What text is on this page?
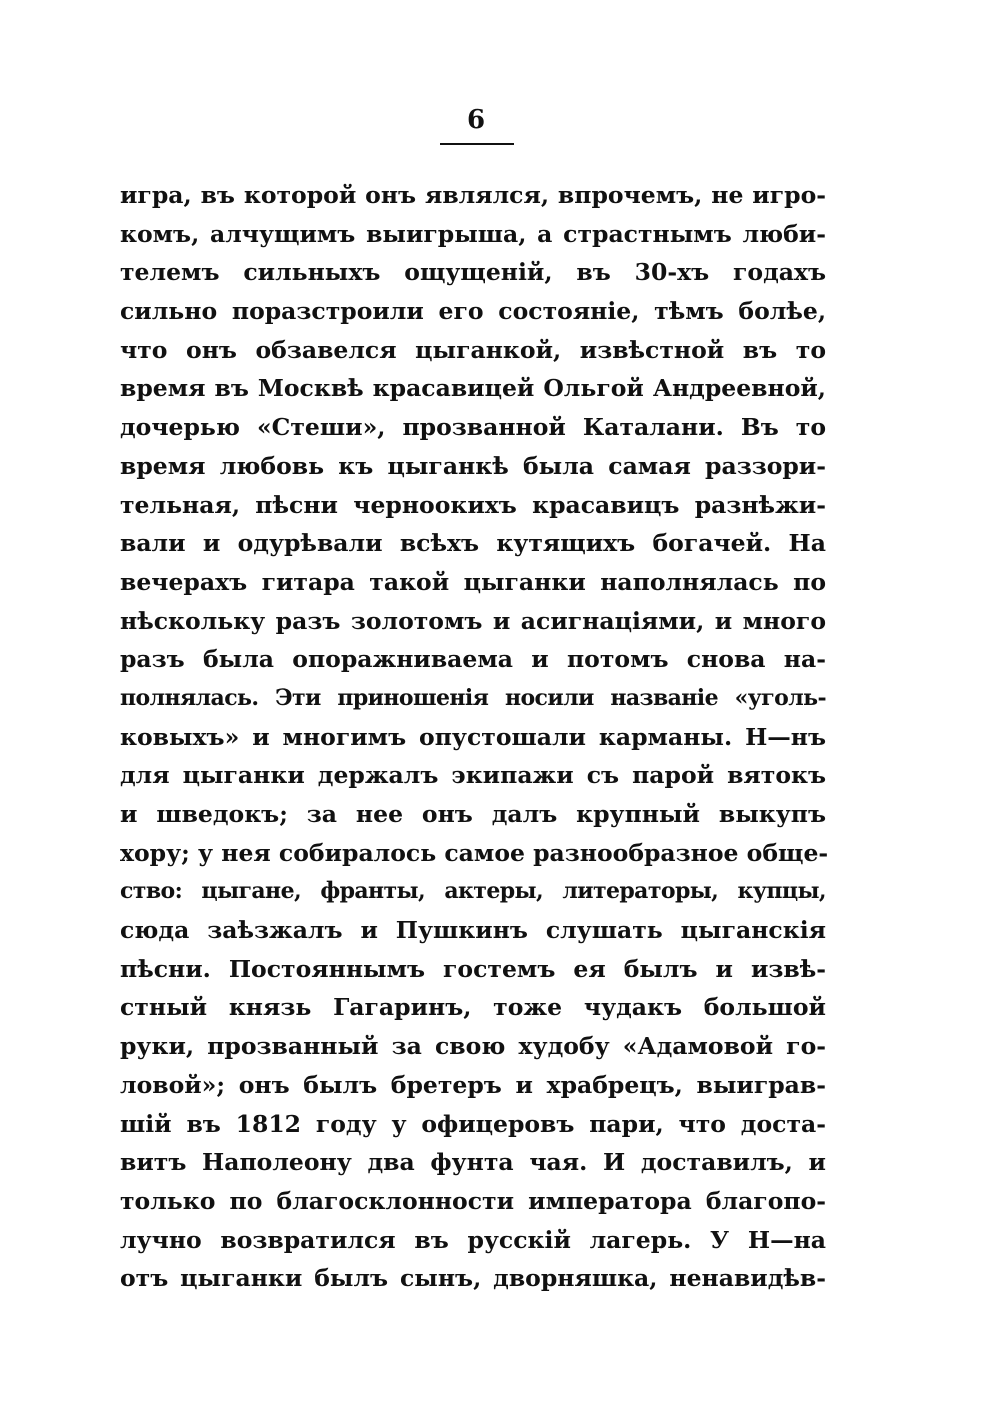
6
игра, въ которой онъ являлся, впрочемъ, не игро-
комъ, алчущимъ выигрыша, а страстнымъ люби-
телемъ сильныхъ ощущеній, въ 30-хъ годахъ
сильно поразстроили его состояніе, тѣмъ болѣе,
что онъ обзавелся цыганкой, извѣстной въ то
время въ Москвѣ красавицей Ольгой Андреевной,
дочерью «Стеши», прозванной Каталани. Въ то
время любовь къ цыганкѣ была самая раззори-
тельная, пѣсни черноокихъ красавицъ разнѣжи-
вали и одурѣвали всѣхъ кутящихъ богачей. На
вечерахъ гитара такой цыганки наполнялась по
нѣскольку разъ золотомъ и асигнаціями, и много
разъ была опоражниваема и потомъ снова на-
полнялась. Эти приношенія носили названіе «уголь-
ковыхъ» и многимъ опустошали карманы. Н—нъ
для цыганки держалъ экипажи съ парой вятокъ
и шведокъ; за нее онъ далъ крупный выкупъ
хору; у нея собиралось самое разнообразное обще-
ство: цыгане, франты, актеры, литераторы, купцы,
сюда заѣзжалъ и Пушкинъ слушать цыганскія
пѣсни. Постояннымъ гостемъ ея былъ и извѣ-
стный князь Гагаринъ, тоже чудакъ большой
руки, прозванный за свою худобу «Адамовой го-
ловой»; онъ былъ бретеръ и храбрецъ, выиграв-
шій въ 1812 году у офицеровъ пари, что доста-
витъ Наполеону два фунта чая. И доставилъ, и
только по благосклонности императора благопо-
лучно возвратился въ русскій лагерь. У Н—на
отъ цыганки былъ сынъ, дворняшка, ненавидѣв-
